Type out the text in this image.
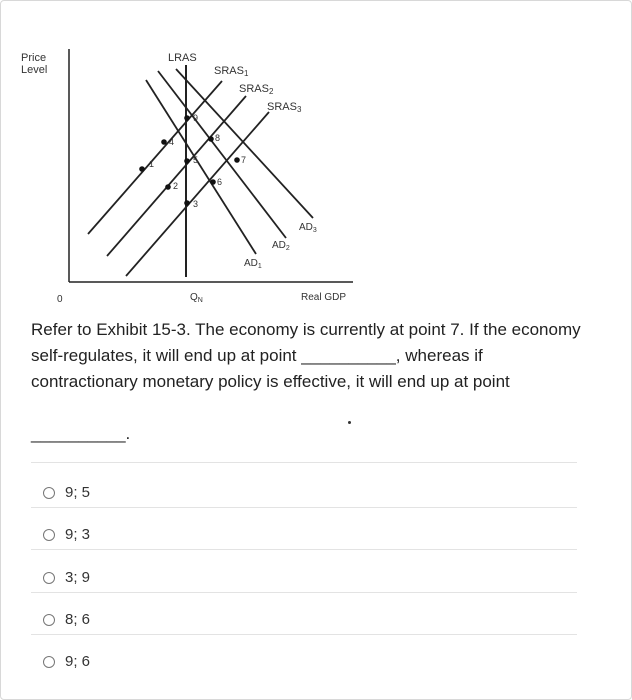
Price
Level
Real GDP
0	$Q_N$
LRAS
SRAS1
SRAS2
SRAS3
$AD_1$
$AD_2$
$AD_3$
1
2
3
4
5
6
7
8
9
Refer to Exhibit 15-3. The economy is currently at point 7. If the economy self-regulates, it will end up at point __________, whereas if contractionary monetary policy is effective, it will end up at point

__________.
9; 5
9; 3
3; 9
8; 6
9; 6
